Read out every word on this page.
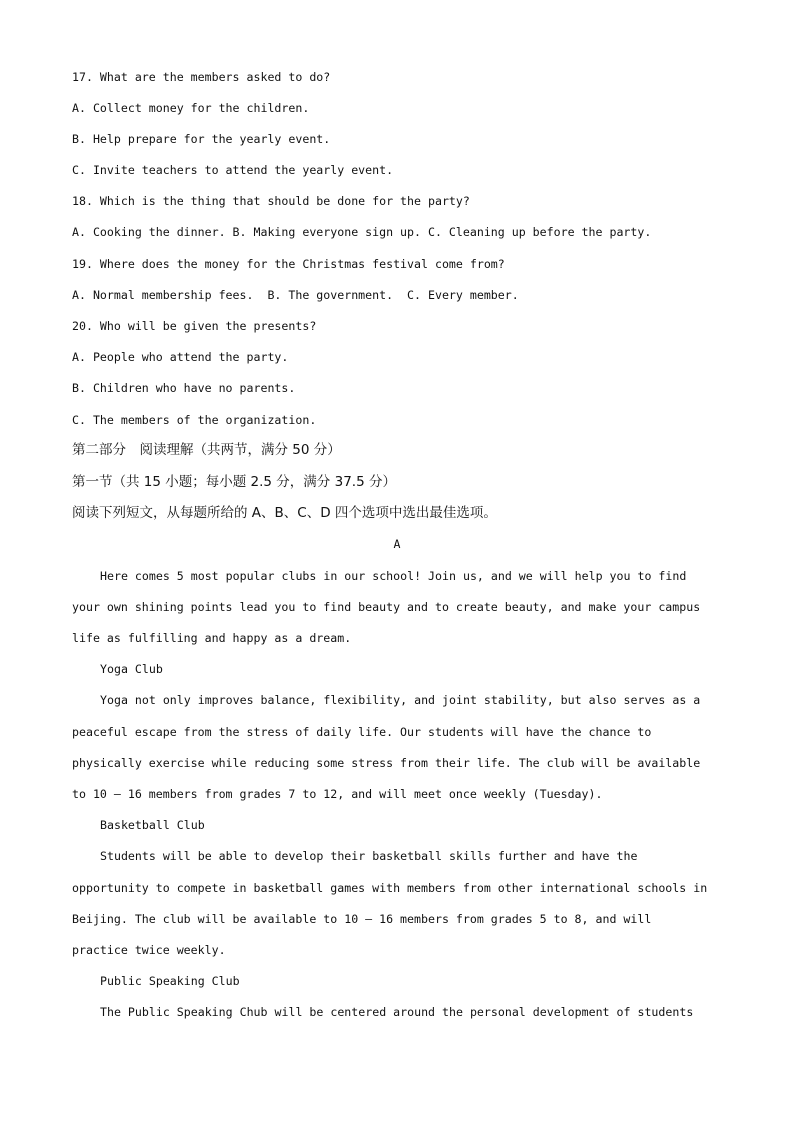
17. What are the members asked to do?
A. Collect money for the children.
B. Help prepare for the yearly event.
C. Invite teachers to attend the yearly event.
18. Which is the thing that should be done for the party?
A. Cooking the dinner. B. Making everyone sign up. C. Cleaning up before the party.
19. Where does the money for the Christmas festival come from?
A. Normal membership fees.  B. The government.  C. Every member.
20. Who will be given the presents?
A. People who attend the party.
B. Children who have no parents.
C. The members of the organization.
第二部分　阅读理解（共两节，满分 50 分）
第一节（共 15 小题；每小题 2.5 分，满分 37.5 分）
阅读下列短文，从每题所给的 A、B、C、D 四个选项中选出最佳选项。
A
Here comes 5 most popular clubs in our school! Join us, and we will help you to find
your own shining points lead you to find beauty and to create beauty, and make your campus
life as fulfilling and happy as a dream.
Yoga Club
Yoga not only improves balance, flexibility, and joint stability, but also serves as a
peaceful escape from the stress of daily life. Our students will have the chance to
physically exercise while reducing some stress from their life. The club will be available
to 10 — 16 members from grades 7 to 12, and will meet once weekly (Tuesday).
Basketball Club
Students will be able to develop their basketball skills further and have the
opportunity to compete in basketball games with members from other international schools in
Beijing. The club will be available to 10 — 16 members from grades 5 to 8, and will
practice twice weekly.
Public Speaking Club
The Public Speaking Chub will be centered around the personal development of students
